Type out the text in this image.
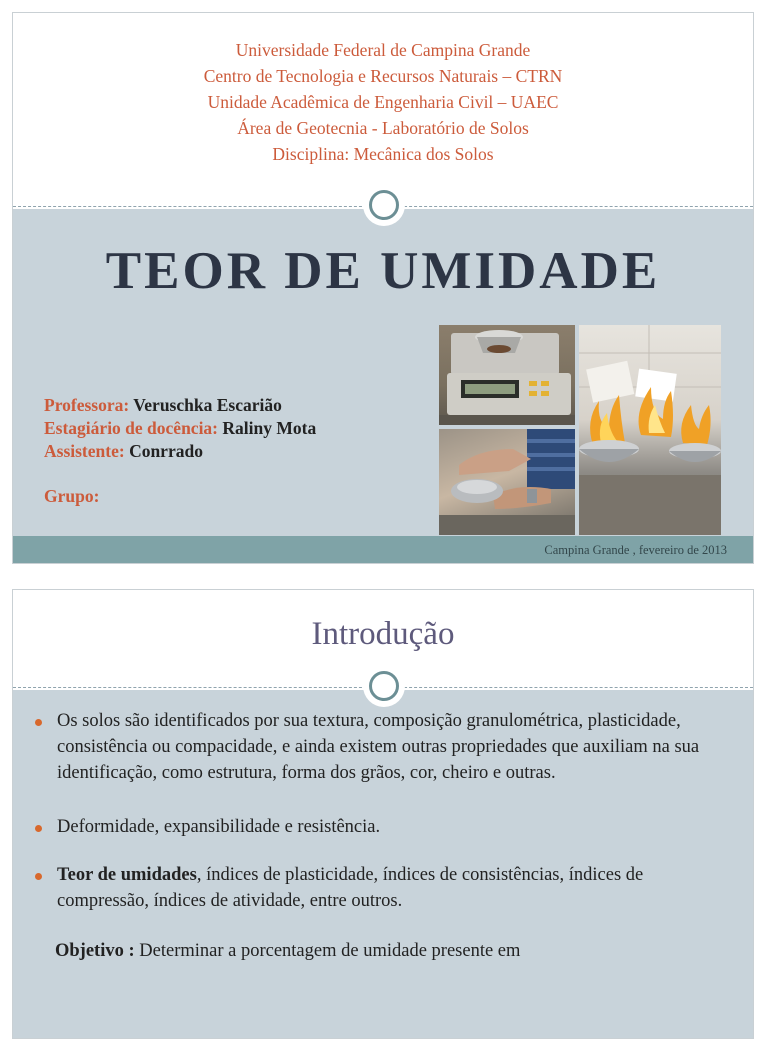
Universidade Federal de Campina Grande
Centro de Tecnologia e Recursos Naturais – CTRN
Unidade Acadêmica de Engenharia Civil – UAEC
Área de Geotecnia - Laboratório de Solos
Disciplina: Mecânica dos Solos
TEOR DE UMIDADE
Professora: Veruschka Escarião
Estagiário de docência: Raliny Mota
Assistente: Conrrado
Grupo:
Campina Grande , fevereiro de 2013
Introdução
Os solos são identificados por sua textura, composição granulométrica, plasticidade, consistência ou compacidade, e ainda existem outras propriedades que auxiliam na sua identificação, como estrutura, forma dos grãos, cor, cheiro e outras.
Deformidade, expansibilidade e resistência.
Teor de umidades, índices de plasticidade, índices de consistências, índices de compressão, índices de atividade, entre outros.
Objetivo : Determinar a porcentagem de umidade presente em
